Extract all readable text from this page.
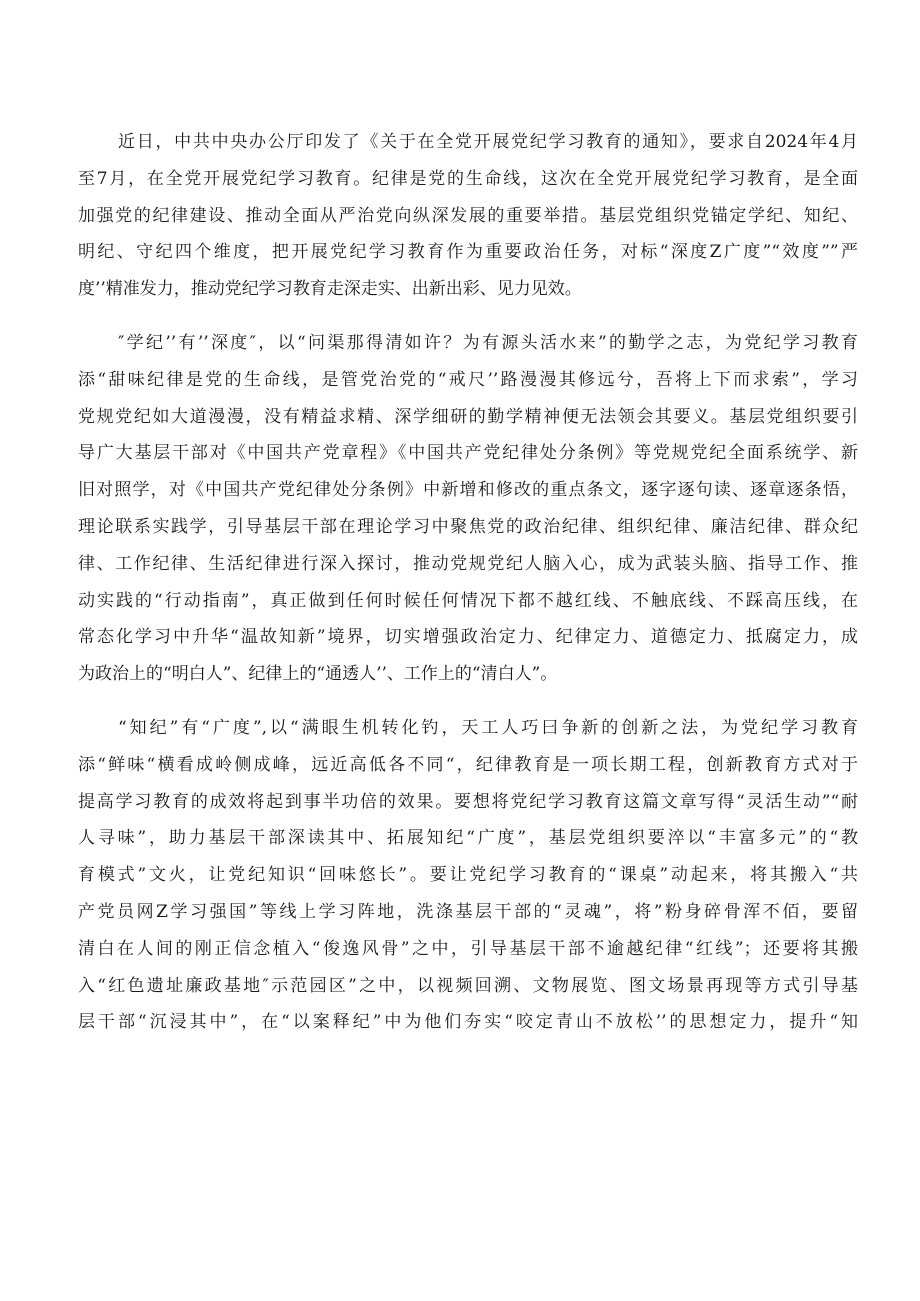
近日，中共中央办公厅印发了《关于在全党开展党纪学习教育的通知》，要求自2024年4月
至7月，在全党开展党纪学习教育。纪律是党的生命线，这次在全党开展党纪学习教育，是全面
加强党的纪律建设、推动全面从严治党向纵深发展的重要举措。基层党组织党锚定学纪、知纪、
明纪、守纪四个维度，把开展党纪学习教育作为重要政治任务，对标“深度Z广度”“效度””严
度’’精准发力，推动党纪学习教育走深走实、出新出彩、见力见效。

″学纪’’有’’深度″，以“问渠那得清如许？为有源头活水来”的勤学之志，为党纪学习教育
添“甜味纪律是党的生命线，是管党治党的“戒尺’’路漫漫其修远兮，吾将上下而求索”，学习
党规党纪如大道漫漫，没有精益求精、深学细研的勤学精神便无法领会其要义。基层党组织要引
导广大基层干部对《中国共产党章程》《中国共产党纪律处分条例》等党规党纪全面系统学、新
旧对照学，对《中国共产党纪律处分条例》中新增和修改的重点条文，逐字逐句读、逐章逐条悟，
理论联系实践学，引导基层干部在理论学习中聚焦党的政治纪律、组织纪律、廉洁纪律、群众纪
律、工作纪律、生活纪律进行深入探讨，推动党规党纪人脑入心，成为武装头脑、指导工作、推
动实践的“行动指南”，真正做到任何时候任何情况下都不越红线、不触底线、不踩高压线，在
常态化学习中升华“温故知新”境界，切实增强政治定力、纪律定力、道德定力、抵腐定力，成
为政治上的“明白人”、纪律上的“通透人’’、工作上的“清白人”。

“知纪”有“广度”,以“满眼生机转化钓，天工人巧曰争新的创新之法，为党纪学习教育
添“鲜味“横看成岭侧成峰，远近高低各不同“，纪律教育是一项长期工程，创新教育方式对于
提高学习教育的成效将起到事半功倍的效果。要想将党纪学习教育这篇文章写得“灵活生动”“耐
人寻味”，助力基层干部深读其中、拓展知纪“广度”，基层党组织要淬以“丰富多元”的“教
育模式”文火，让党纪知识“回味悠长”。要让党纪学习教育的“课桌”动起来，将其搬入“共
产党员网Z学习强国”等线上学习阵地，洗涤基层干部的“灵魂”，将”粉身碎骨浑不佰，要留
清白在人间的刚正信念植入“俊逸风骨”之中，引导基层干部不逾越纪律“红线”；还要将其搬
入“红色遗址廉政基地″示范园区”之中，以视频回溯、文物展览、图文场景再现等方式引导基
层干部“沉浸其中”，在“以案释纪”中为他们夯实“咬定青山不放松’’的思想定力，提升“知
